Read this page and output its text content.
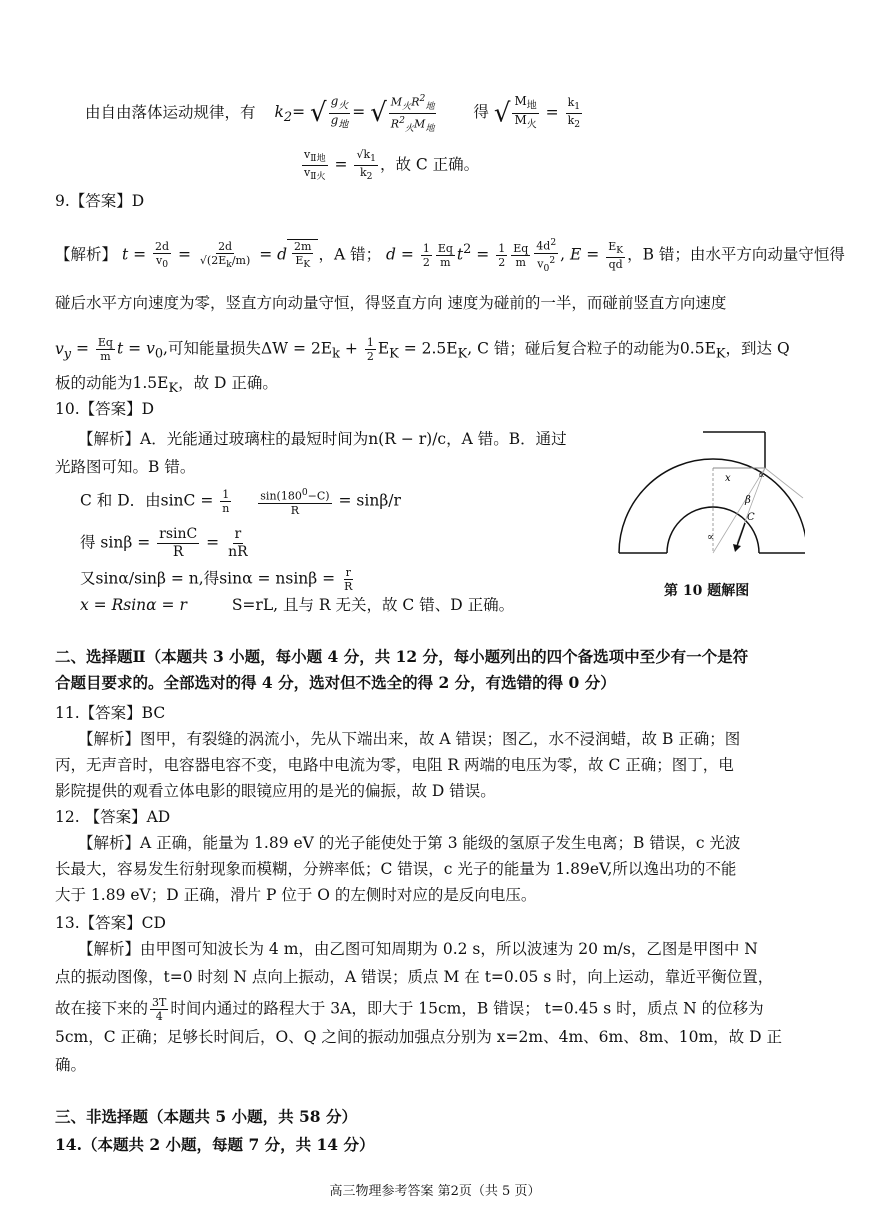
由自由落体运动规律，有 $k_2=$ √ $\frac{g_火}{g_地}$ = √ $\frac{M_火R^2_地}{R^2_火M_地}$ 得 √ $\frac{M_地}{M_火} = \frac{k_1}{k_2}$
$\frac{v_{Ⅱ地}}{v_{Ⅱ火}} = \frac{√k_1}{k_2}$ ，故 C 正确。
9.【答案】D
【解析】 $t = \frac{2d}{v_0} = \frac{2d}{√(2E_k/m)} = d \frac{2m}{E_K}$ ，A 错； $d = \frac{1}{2} \frac{Eq}{m} t^2 = \frac{1}{2} \frac{Eq}{m} \frac{4d^2}{v_0^2}$ , $E = \frac{E_K}{qd}$ ，B 错；由水平方向动量守恒得
碰后水平方向速度为零，竖直方向动量守恒，得竖直方向 速度为碰前的一半，而碰前竖直方向速度
$v_y = \frac{Eq}{m}$ $t = v_0$,可知能量损失$\Delta W = 2E_k + \frac{1}{2} E_K = 2.5E_K$, C 错；碰后复合粒子的动能为$0.5E_K$，到达 Q
板的动能为$1.5E_K$，故 D 正确。
10.【答案】D
【解析】A．光能通过玻璃柱的最短时间为n(R − r)/c，A 错。B．通过
光路图可知。B 错。
C 和 D．由$\sin C = \frac{1}{n}$
$\frac{\sin(180^0-C)}{R} = \sin\beta/r$
得 $\sin\beta = \frac{rsinC}{R} = \frac{r}{nR}$
又sinα/sinβ = n,得$\sin\alpha = nsin\beta = \frac{r}{R}$
x = Rsinα = r	S=rL, 且与 R 无关，故 C 错、D 正确。
x	∝
β
C
∝
第 10 题解图
二、选择题Ⅱ（本题共 3 小题，每小题 4 分，共 12 分，每小题列出的四个备选项中至少有一个是符
合题目要求的。全部选对的得 4 分，选对但不选全的得 2 分，有选错的得 0 分）
11.【答案】BC
【解析】图甲，有裂缝的涡流小，先从下端出来，故 A 错误；图乙，水不浸润蜡，故 B 正确；图
丙，无声音时，电容器电容不变，电路中电流为零，电阻 R 两端的电压为零，故 C 正确；图丁，电
影院提供的观看立体电影的眼镜应用的是光的偏振，故 D 错误。
12. 【答案】AD
【解析】A 正确，能量为 1.89 eV 的光子能使处于第 3 能级的氢原子发生电离；B 错误，c 光波
长最大，容易发生衍射现象而模糊，分辨率低；C 错误，c 光子的能量为 1.89eV,所以逸出功的不能
大于 1.89 eV；D 正确，滑片 P 位于 O 的左侧时对应的是反向电压。
13.【答案】CD
【解析】由甲图可知波长为 4 m，由乙图可知周期为 0.2 s，所以波速为 20 m/s，乙图是甲图中 N
点的振动图像，t=0 时刻 N 点向上振动，A 错误；质点 M 在 t=0.05 s 时，向上运动，靠近平衡位置，
故在接下来的 $\frac{3T}{4}$ 时间内通过的路程大于 3A，即大于 15cm，B 错误； t=0.45 s 时，质点 N 的位移为
5cm，C 正确；足够长时间后，O、Q 之间的振动加强点分别为 x=2m、4m、6m、8m、10m，故 D 正
确。
三、非选择题（本题共 5 小题，共 58 分）
14.（本题共 2 小题，每题 7 分，共 14 分）
高三物理参考答案 第2页（共 5 页）
